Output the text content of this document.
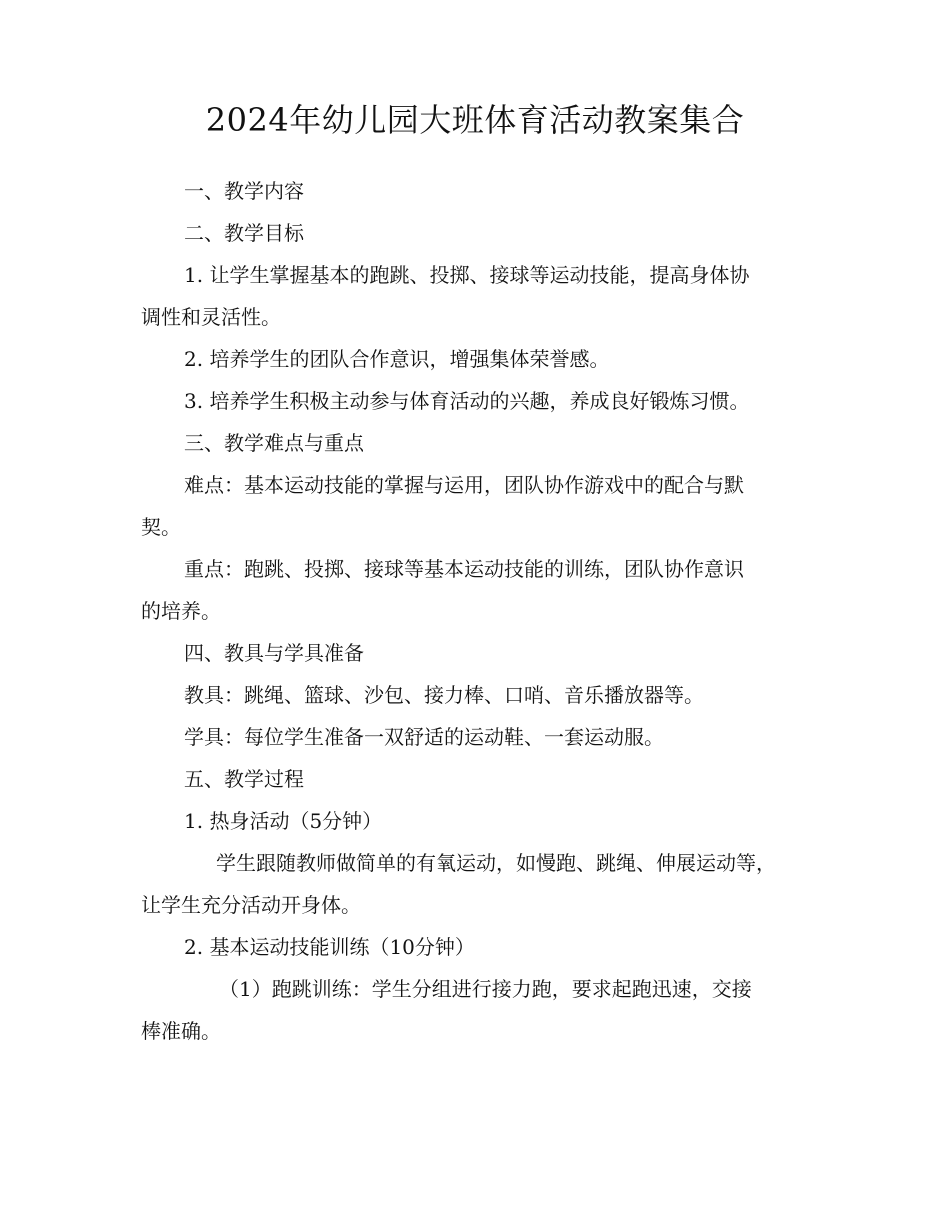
2024年幼儿园大班体育活动教案集合

一、教学内容

二、教学目标

1. 让学生掌握基本的跑跳、投掷、接球等运动技能，提高身体协

调性和灵活性。

2. 培养学生的团队合作意识，增强集体荣誉感。

3. 培养学生积极主动参与体育活动的兴趣，养成良好锻炼习惯。

三、教学难点与重点

难点：基本运动技能的掌握与运用，团队协作游戏中的配合与默

契。

重点：跑跳、投掷、接球等基本运动技能的训练，团队协作意识

的培养。

四、教具与学具准备

教具：跳绳、篮球、沙包、接力棒、口哨、音乐播放器等。

学具：每位学生准备一双舒适的运动鞋、一套运动服。

五、教学过程

1. 热身活动（5分钟）

学生跟随教师做简单的有氧运动，如慢跑、跳绳、伸展运动等，

让学生充分活动开身体。

2. 基本运动技能训练（10分钟）

（1）跑跳训练：学生分组进行接力跑，要求起跑迅速，交接

棒准确。
